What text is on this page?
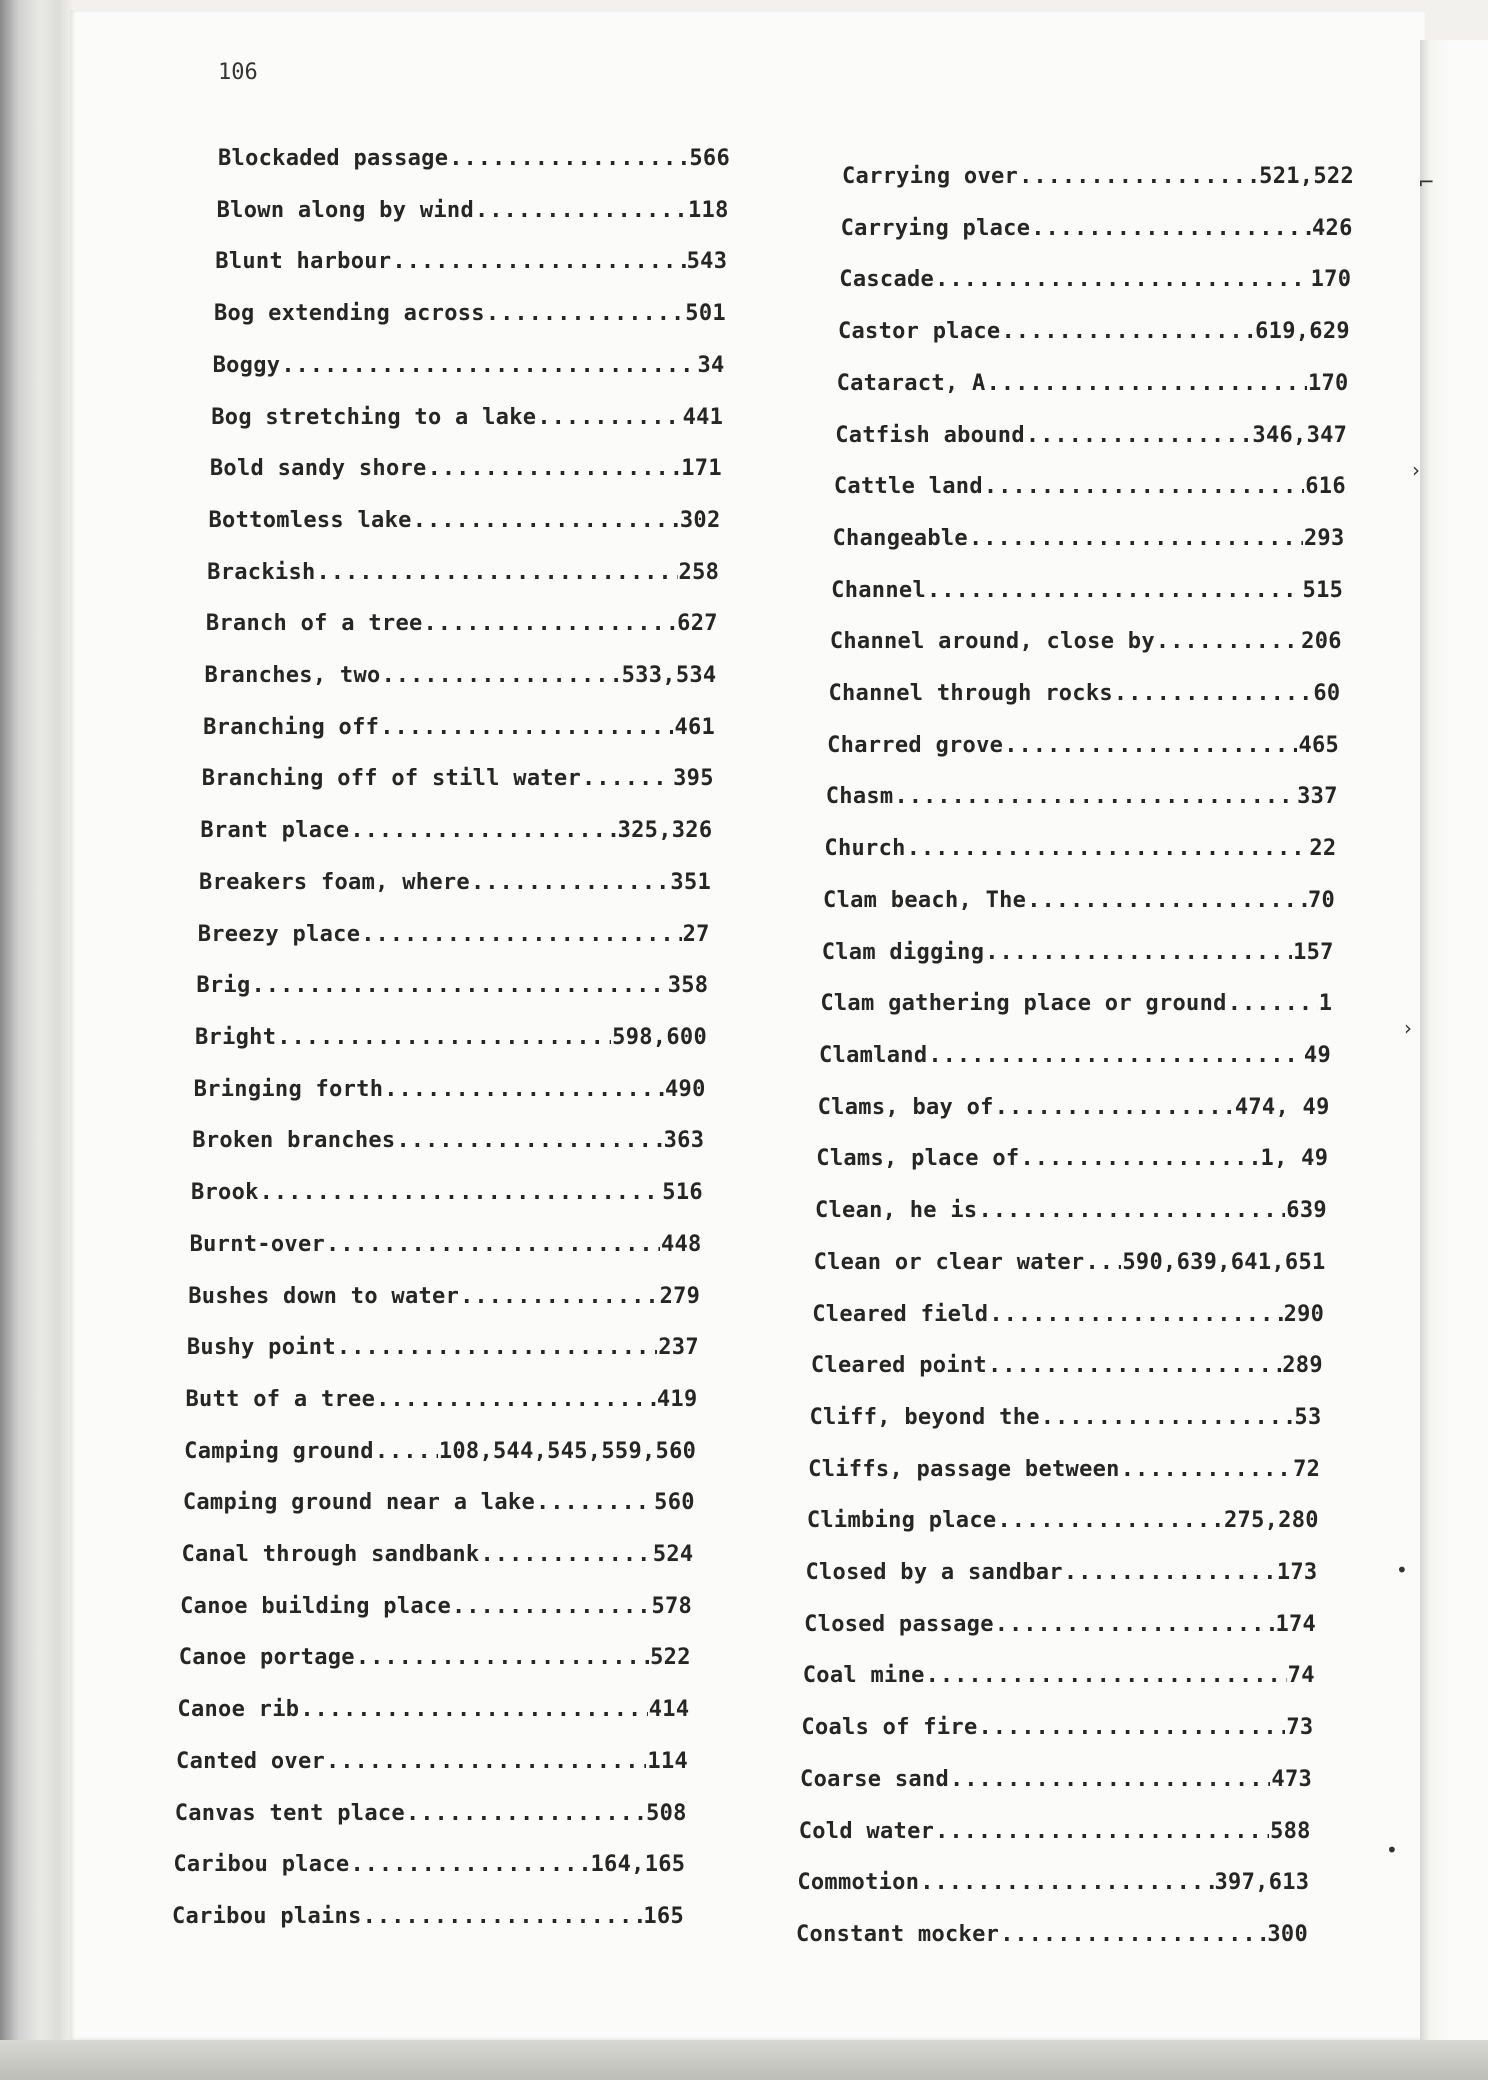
⌐
›
›
•
•
106
Blockaded passage .....	566
Blown along by wind .....	118
Blunt harbour .....	543
Bog extending across .....	501
Boggy .....	34
Bog stretching to a lake .....	441
Bold sandy shore .....	171
Bottomless lake .....	302
Brackish .....	258
Branch of a tree .....	627
Branches, two .....	533,534
Branching off .....	461
Branching off of still water .....	395
Brant place .....	325,326
Breakers foam, where .....	351
Breezy place .....	27
Brig .....	358
Bright .....	598,600
Bringing forth .....	490
Broken branches .....	363
Brook .....	516
Burnt-over .....	448
Bushes down to water .....	279
Bushy point .....	237
Butt of a tree .....	419
Camping ground .....	108,544,545,559,560
Camping ground near a lake .....	560
Canal through sandbank .....	524
Canoe building place .....	578
Canoe portage .....	522
Canoe rib .....	414
Canted over .....	114
Canvas tent place .....	508
Caribou place .....	164,165
Caribou plains .....	165
Carrying over .....	521,522
Carrying place .....	426
Cascade .....	170
Castor place .....	619,629
Cataract, A .....	170
Catfish abound .....	346,347
Cattle land .....	616
Changeable .....	293
Channel .....	515
Channel around, close by .....	206
Channel through rocks .....	60
Charred grove .....	465
Chasm .....	337
Church .....	22
Clam beach, The .....	70
Clam digging .....	157
Clam gathering place or ground .....	1
Clamland .....	49
Clams, bay of .....	474, 49
Clams, place of .....	1, 49
Clean, he is .....	639
Clean or clear water ..... 590,639,641,651
Cleared field .....	290
Cleared point .....	289
Cliff, beyond the .....	53
Cliffs, passage between .....	72
Climbing place .....	275,280
Closed by a sandbar .....	173
Closed passage .....	174
Coal mine .....	74
Coals of fire .....	73
Coarse sand .....	473
Cold water .....	588
Commotion .....	397,613
Constant mocker .....	300
